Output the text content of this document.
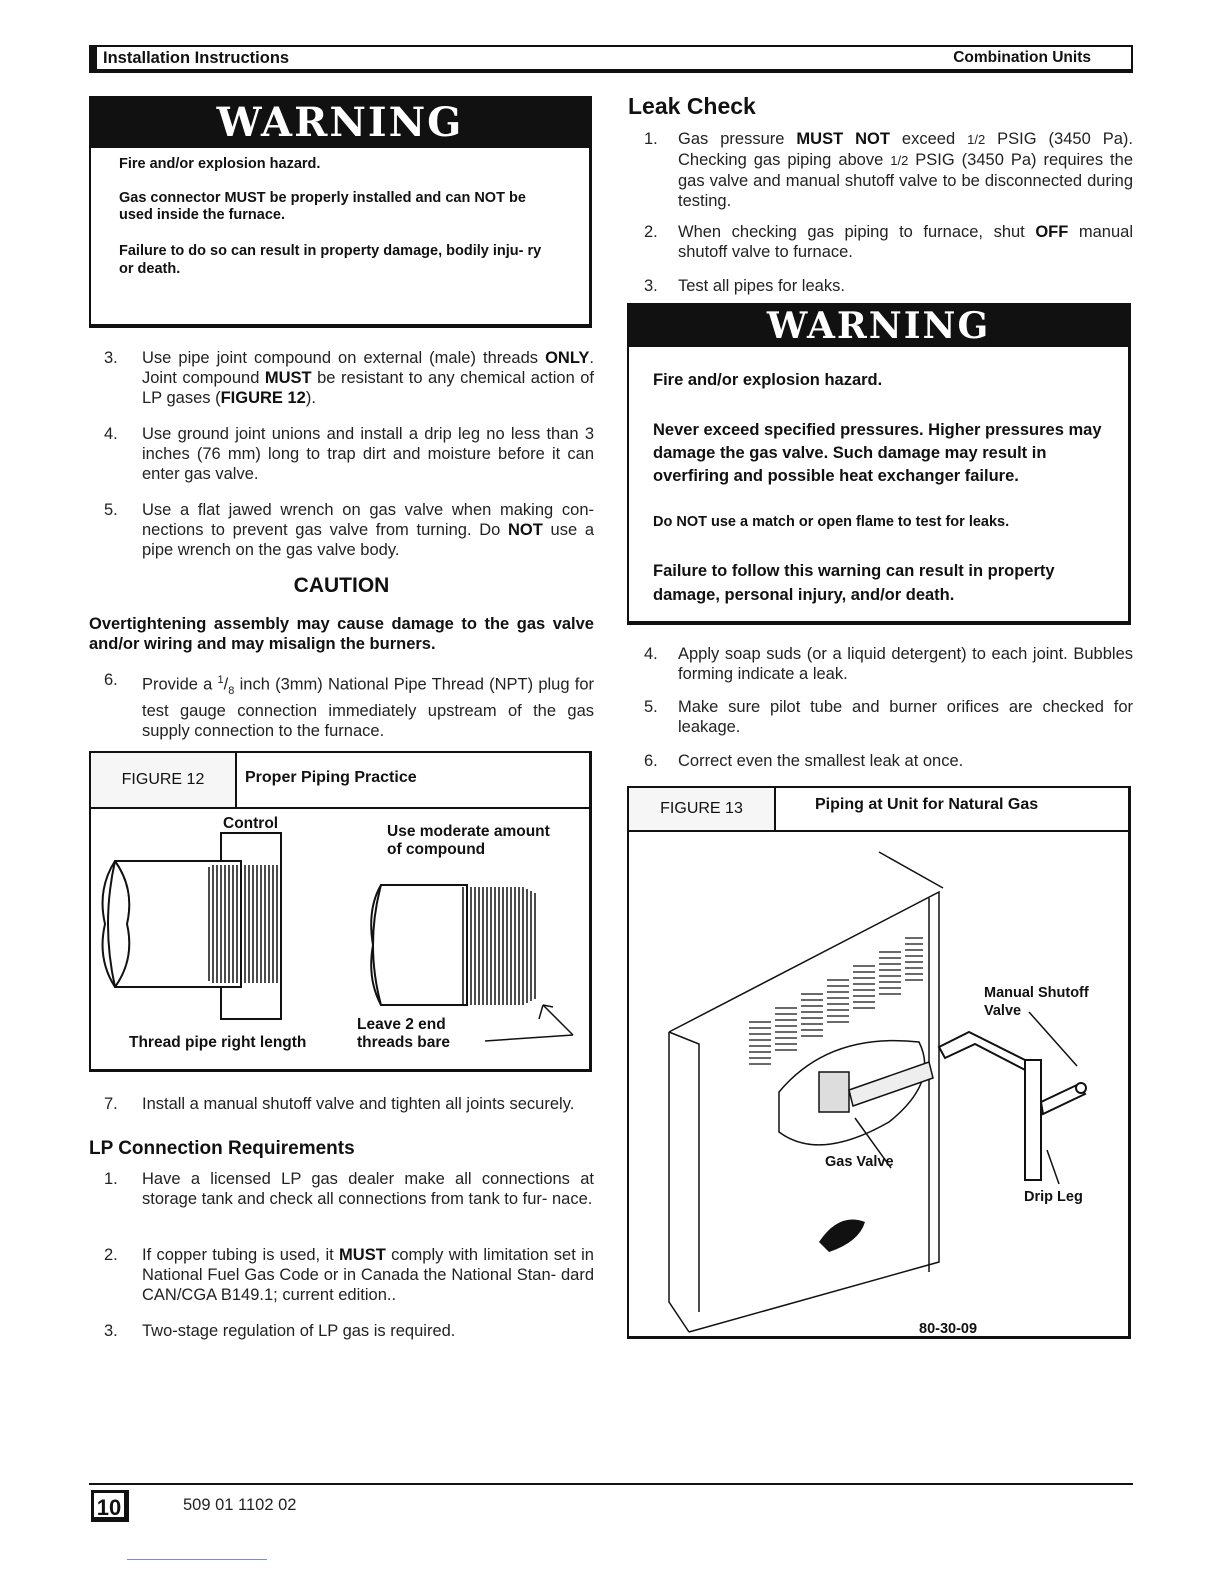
Installation Instructions	Combination Units
WARNING

Fire and/or explosion hazard.

Gas connector MUST be properly installed and can NOT be used inside the furnace.

Failure to do so can result in property damage, bodily inju- ry or death.

3.	Use pipe joint compound on external (male) threads ONLY. Joint compound MUST be resistant to any chemical action of LP gases (FIGURE 12).
4.	Use ground joint unions and install a drip leg no less than 3 inches (76 mm) long to trap dirt and moisture before it can enter gas valve.
5.	Use a flat jawed wrench on gas valve when making con- nections to prevent gas valve from turning. Do NOT use a pipe wrench on the gas valve body.
CAUTION
Overtightening assembly may cause damage to the gas valve and/or wiring and may misalign the burners.
6.	Provide a $^1/_8$ inch (3mm) National Pipe Thread (NPT) plug for test gauge connection immediately upstream of the gas supply connection to the furnace.
FIGURE 12	Proper Piping Practice
Control	Use moderate amount of compound
Thread pipe right length
Leave 2 end threads bare
7.	Install a manual shutoff valve and tighten all joints securely.
LP Connection Requirements
1.	Have a licensed LP gas dealer make all connections at storage tank and check all connections from tank to fur- nace.
2.	If copper tubing is used, it MUST comply with limitation set in National Fuel Gas Code or in Canada the National Stan- dard CAN/CGA B149.1; current edition..
3.	Two-stage regulation of LP gas is required.
Leak Check
1.	Gas pressure MUST NOT exceed 1/2 PSIG (3450 Pa). Checking gas piping above 1/2 PSIG (3450 Pa) requires the gas valve and manual shutoff valve to be disconnected during testing.
2.	When checking gas piping to furnace, shut OFF manual shutoff valve to furnace.
3.	Test all pipes for leaks.
WARNING

Fire and/or explosion hazard.

Never exceed specified pressures. Higher pressures may damage the gas valve. Such damage may result in overfiring and possible heat exchanger failure.

Do NOT use a match or open flame to test for leaks.

Failure to follow this warning can result in property damage, personal injury, and/or death.

4.	Apply soap suds (or a liquid detergent) to each joint. Bubbles forming indicate a leak.
5.	Make sure pilot tube and burner orifices are checked for leakage.
6.	Correct even the smallest leak at once.
FIGURE 13	Piping at Unit for Natural Gas
Manual Shutoff Valve
Gas Valve
Drip Leg
80-30-09
10	509 01 1102 02
